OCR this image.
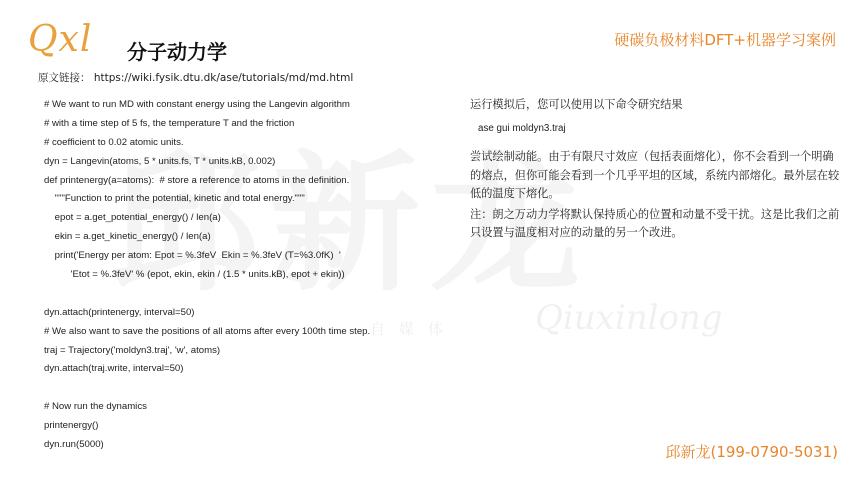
自媒体 Qiuxinlong
Qxl 分子动力学
原文链接： https://wiki.fysik.dtu.dk/ase/tutorials/md/md.html
硬碳负极材料DFT+机器学习案例
# We want to run MD with constant energy using the Langevin algorithm
# with a time step of 5 fs, the temperature T and the friction
# coefficient to 0.02 atomic units.
dyn = Langevin(atoms, 5 * units.fs, T * units.kB, 0.002)
def printenergy(a=atoms):  # store a reference to atoms in the definition.
"""Function to print the potential, kinetic and total energy."""
epot = a.get_potential_energy() / len(a)
ekin = a.get_kinetic_energy() / len(a)
print('Energy per atom: Epot = %.3feV  Ekin = %.3feV (T=%3.0fK)  '
'Etot = %.3feV' % (epot, ekin, ekin / (1.5 * units.kB), epot + ekin))
dyn.attach(printenergy, interval=50)
# We also want to save the positions of all atoms after every 100th time step.
traj = Trajectory('moldyn3.traj', 'w', atoms)
dyn.attach(traj.write, interval=50)
# Now run the dynamics
printenergy()
dyn.run(5000)

运行模拟后，您可以使用以下命令研究结果

ase gui moldyn3.traj

尝试绘制动能。由于有限尺寸效应（包括表面熔化），你不会看到一个明确的熔点，但你可能会看到一个几乎平坦的区域，系统内部熔化。最外层在较低的温度下熔化。

注：朗之万动力学将默认保持质心的位置和动量不受干扰。这是比我们之前只设置与温度相对应的动量的另一个改进。

邱新龙(199-0790-5031)
